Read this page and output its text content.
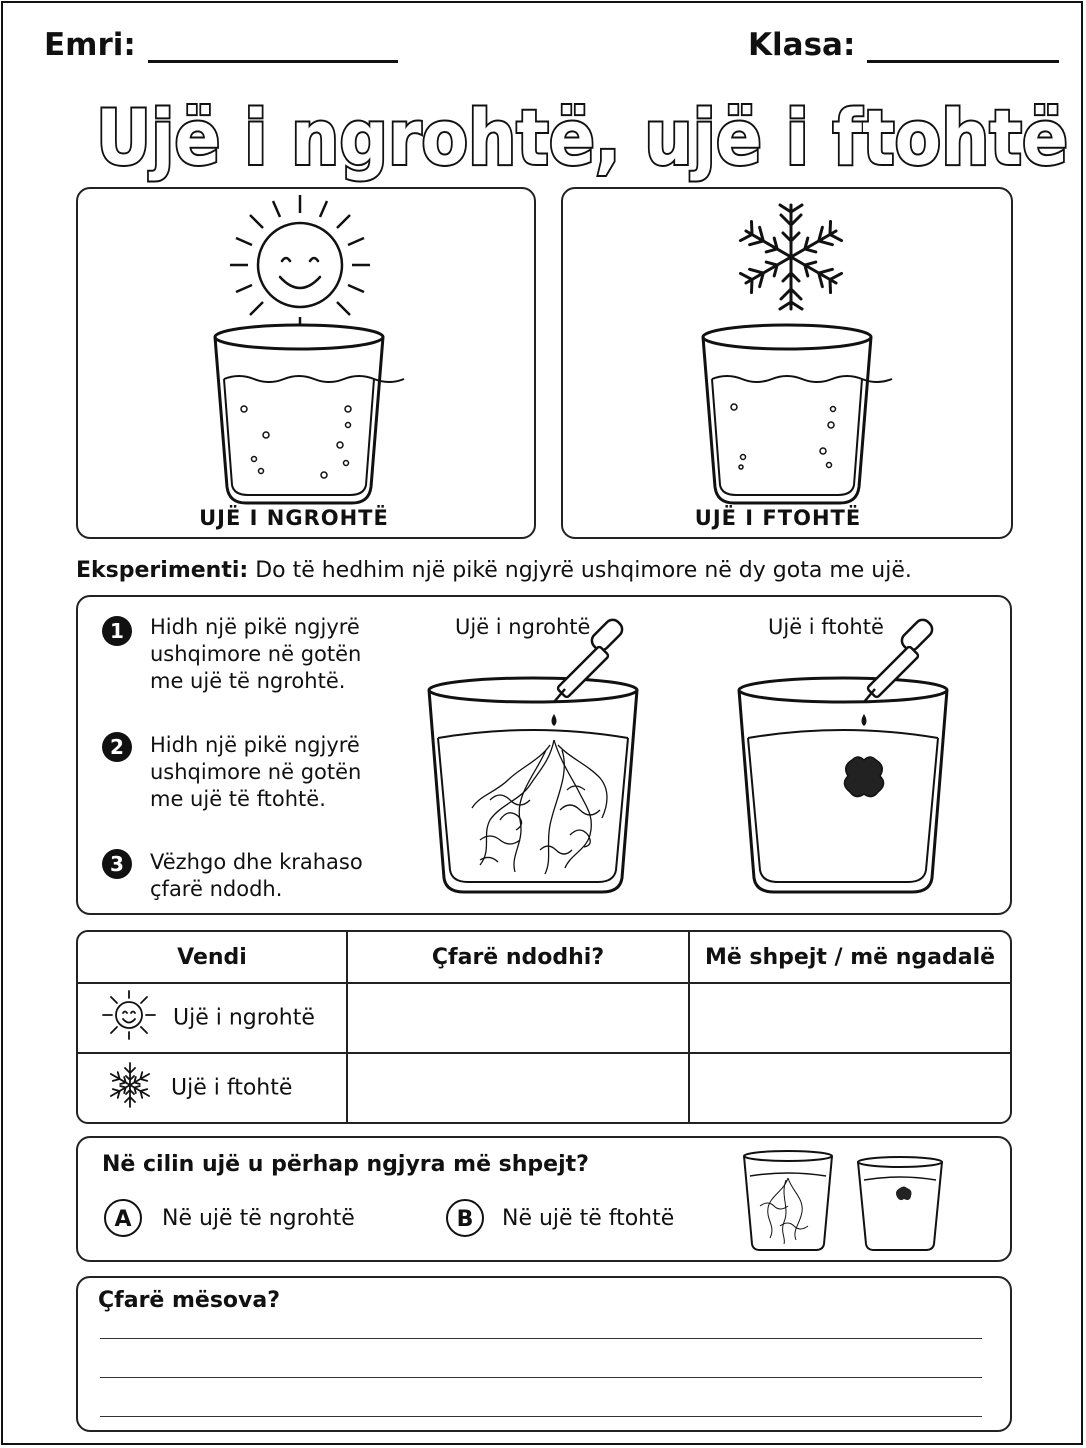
Emri:	Klasa:
Ujë i ngrohtë, ujë i ftohtë
UJË I NGROHTË	UJË I FTOHTË
Eksperimenti: Do të hedhim një pikë ngjyrë ushqimore në dy gota me ujë.
1	Hidh një pikë ngjyrë ushqimore në gotën me ujë të ngrohtë.
2	Hidh një pikë ngjyrë ushqimore në gotën me ujë të ftohtë.
3	Vëzhgo dhe krahaso çfarë ndodh.
Ujë i ngrohtë	Ujë i ftohtë
Vendi	Çfarë ndodhi?	Më shpejt / më ngadalë
Ujë i ngrohtë		
Ujë i ftohtë		
Në cilin ujë u përhap ngjyra më shpejt?
A	Në ujë të ngrohtë	B	Në ujë të ftohtë
Çfarë mësova?
